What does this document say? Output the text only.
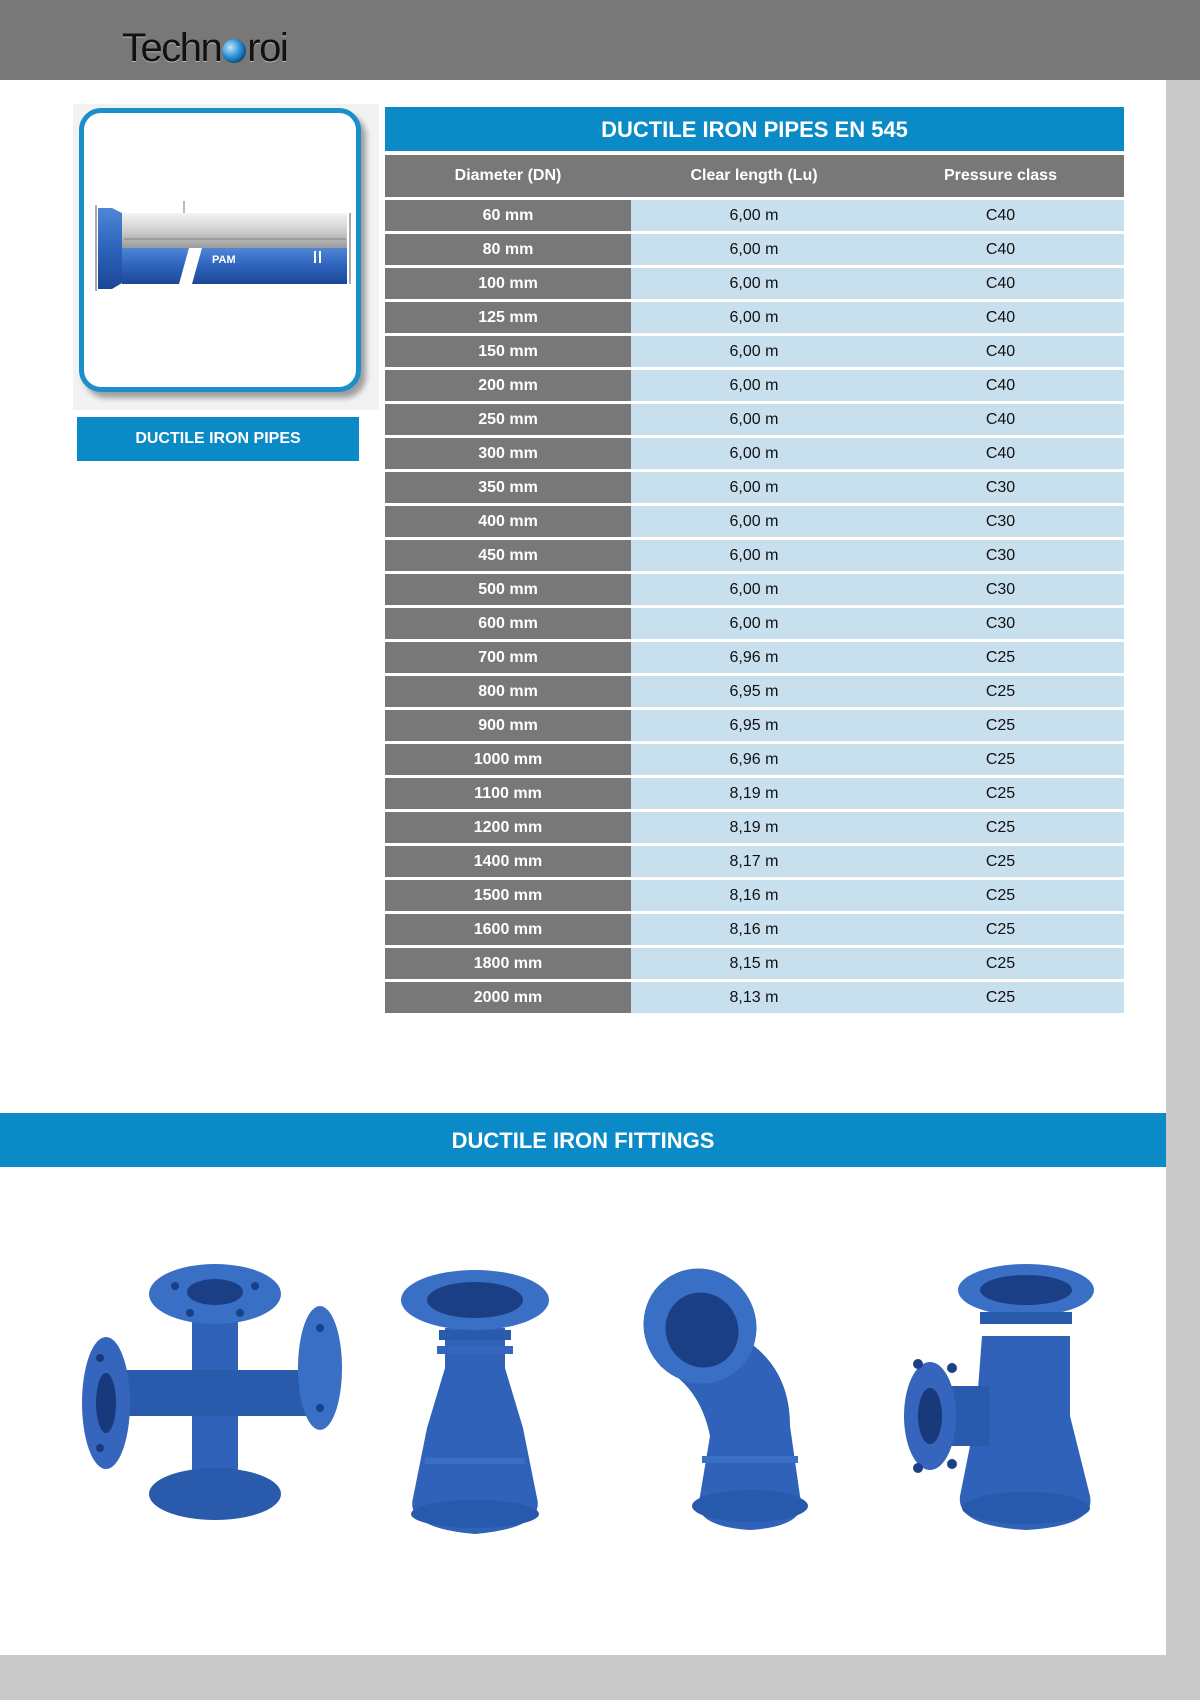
Techn roi
PAM
DUCTILE IRON PIPES
DUCTILE IRON PIPES EN 545
Diameter (DN)	Clear length (Lu)	Pressure class
60 mm	6,00 m	C40
80 mm	6,00 m	C40
100 mm	6,00 m	C40
125 mm	6,00 m	C40
150 mm	6,00 m	C40
200 mm	6,00 m	C40
250 mm	6,00 m	C40
300 mm	6,00 m	C40
350 mm	6,00 m	C30
400 mm	6,00 m	C30
450 mm	6,00 m	C30
500 mm	6,00 m	C30
600 mm	6,00 m	C30
700 mm	6,96 m	C25
800 mm	6,95 m	C25
900 mm	6,95 m	C25
1000 mm	6,96 m	C25
1100 mm	8,19 m	C25
1200 mm	8,19 m	C25
1400 mm	8,17 m	C25
1500 mm	8,16 m	C25
1600 mm	8,16 m	C25
1800 mm	8,15 m	C25
2000 mm	8,13 m	C25
DUCTILE IRON FITTINGS
